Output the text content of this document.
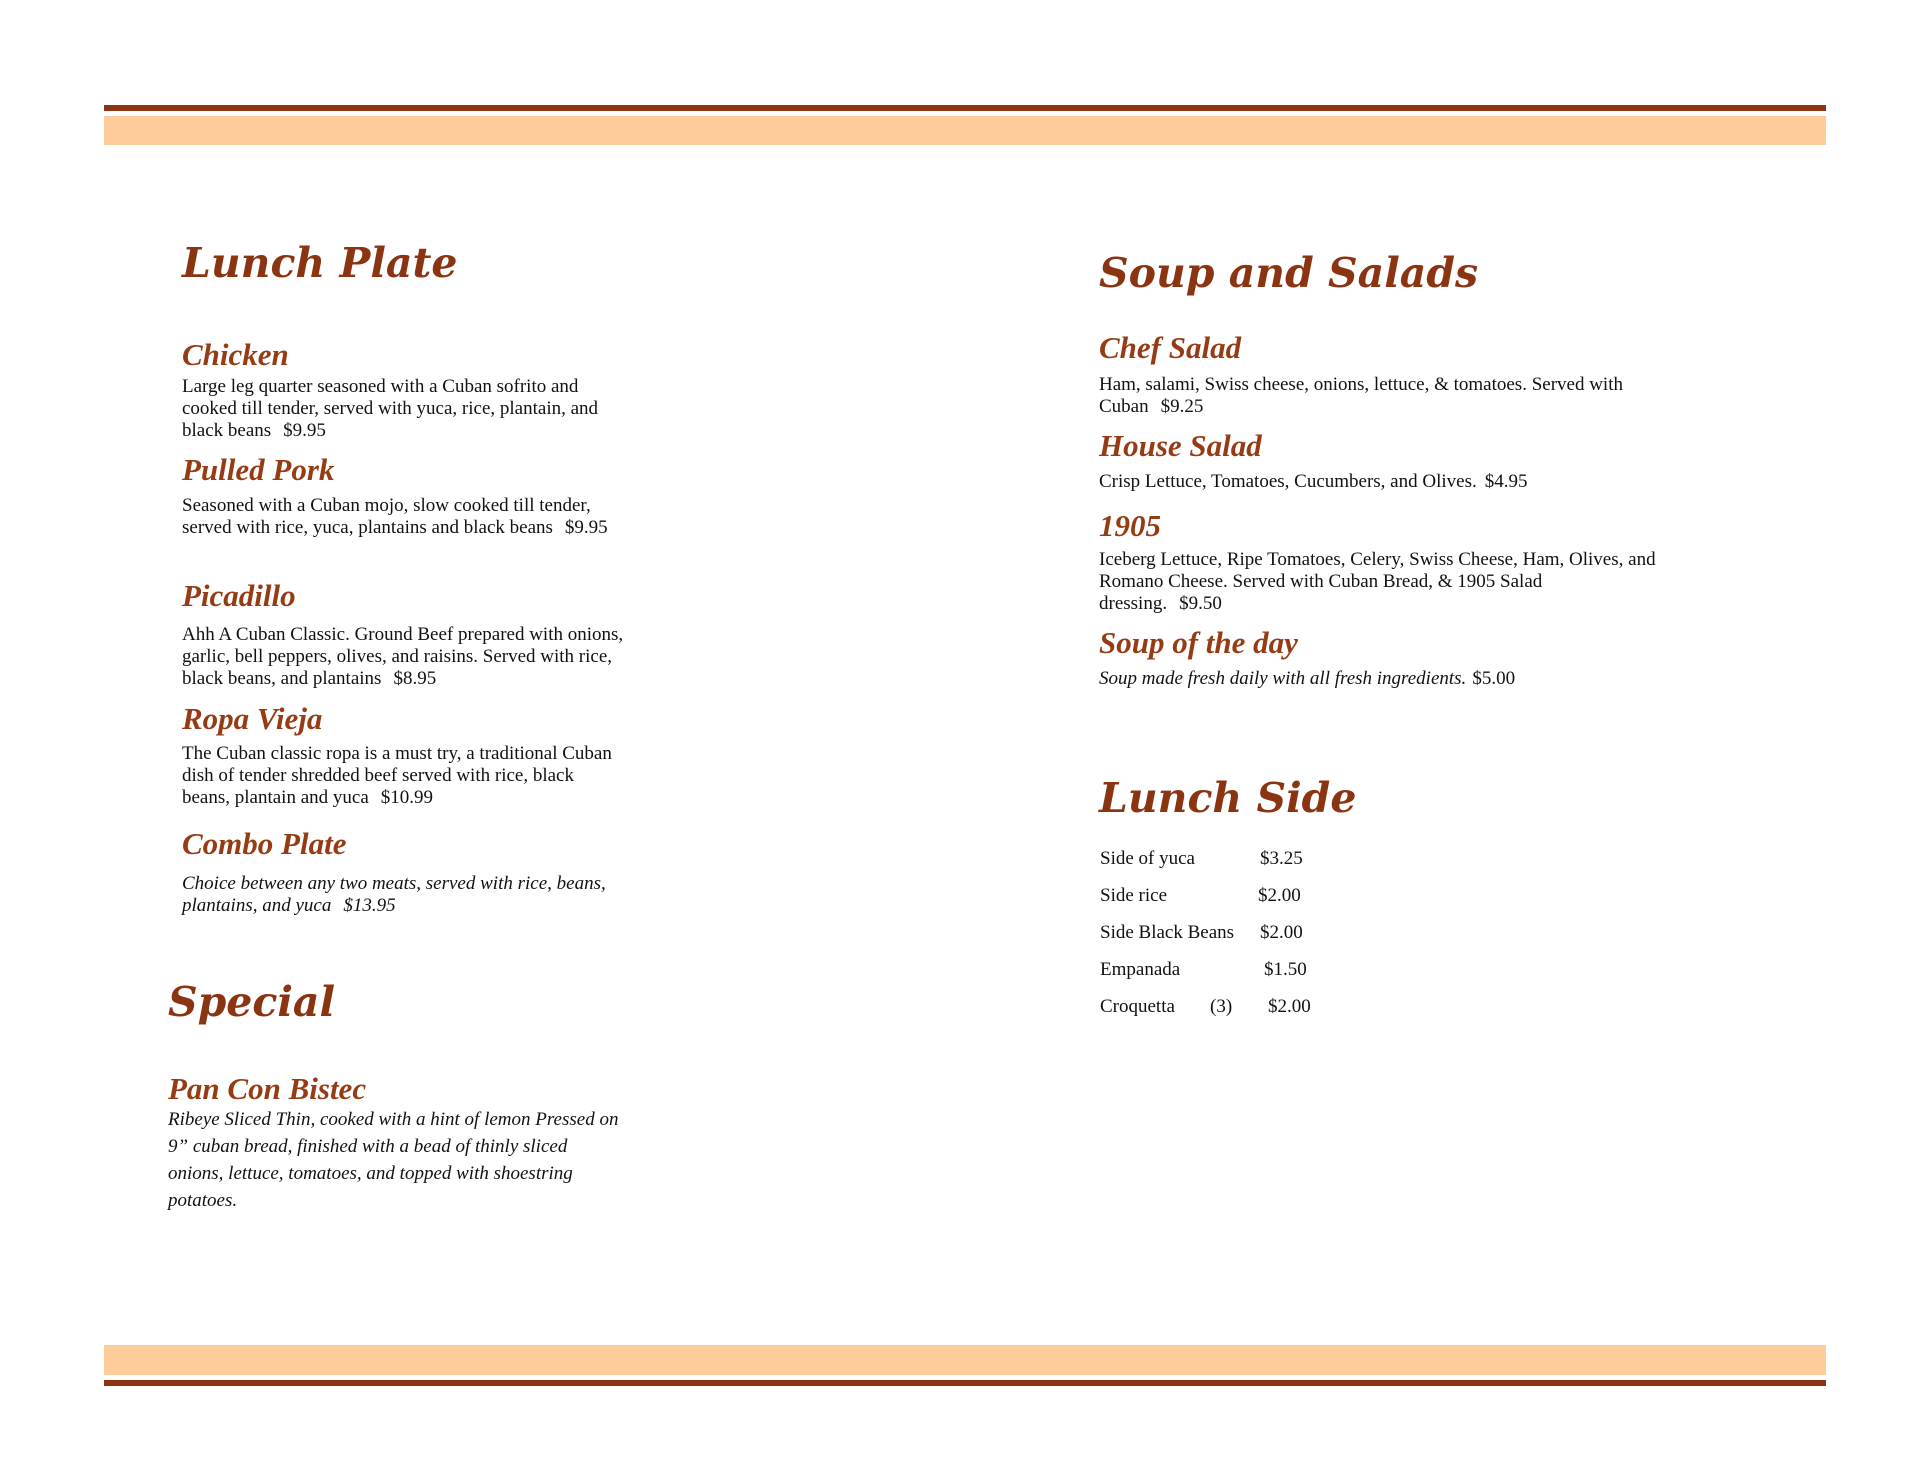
Lunch Plate
Chicken

Large leg quarter seasoned with a Cuban sofrito and cooked till tender, served with yuca, rice, plantain, and black beans $9.95

Pulled Pork

Seasoned with a Cuban mojo, slow cooked till tender, served with rice, yuca, plantains and black beans $9.95

Picadillo

Ahh A Cuban Classic. Ground Beef prepared with onions, garlic, bell peppers, olives, and raisins. Served with rice, black beans, and plantains $8.95

Ropa Vieja

The Cuban classic ropa is a must try, a traditional Cuban dish of tender shredded beef served with rice, black beans, plantain and yuca $10.99

Combo Plate

Choice between any two meats, served with rice, beans, plantains, and yuca $13.95

Special
Pan Con Bistec

Ribeye Sliced Thin, cooked with a hint of lemon Pressed on 9” cuban bread, finished with a bead of thinly sliced onions, lettuce, tomatoes, and topped with shoestring potatoes.

Soup and Salads
Chef Salad

Ham, salami, Swiss cheese, onions, lettuce, & tomatoes. Served with Cuban $9.25

House Salad

Crisp Lettuce, Tomatoes, Cucumbers, and Olives. $4.95

1905

Iceberg Lettuce, Ripe Tomatoes, Celery, Swiss Cheese, Ham, Olives, and Romano Cheese. Served with Cuban Bread, & 1905 Salad dressing. $9.50

Soup of the day

Soup made fresh daily with all fresh ingredients. $5.00

Lunch Side
Side of yuca	$3.25
Side rice	$2.00
Side Black Beans $2.00
Empanada	$1.50
Croquetta (3) $2.00
